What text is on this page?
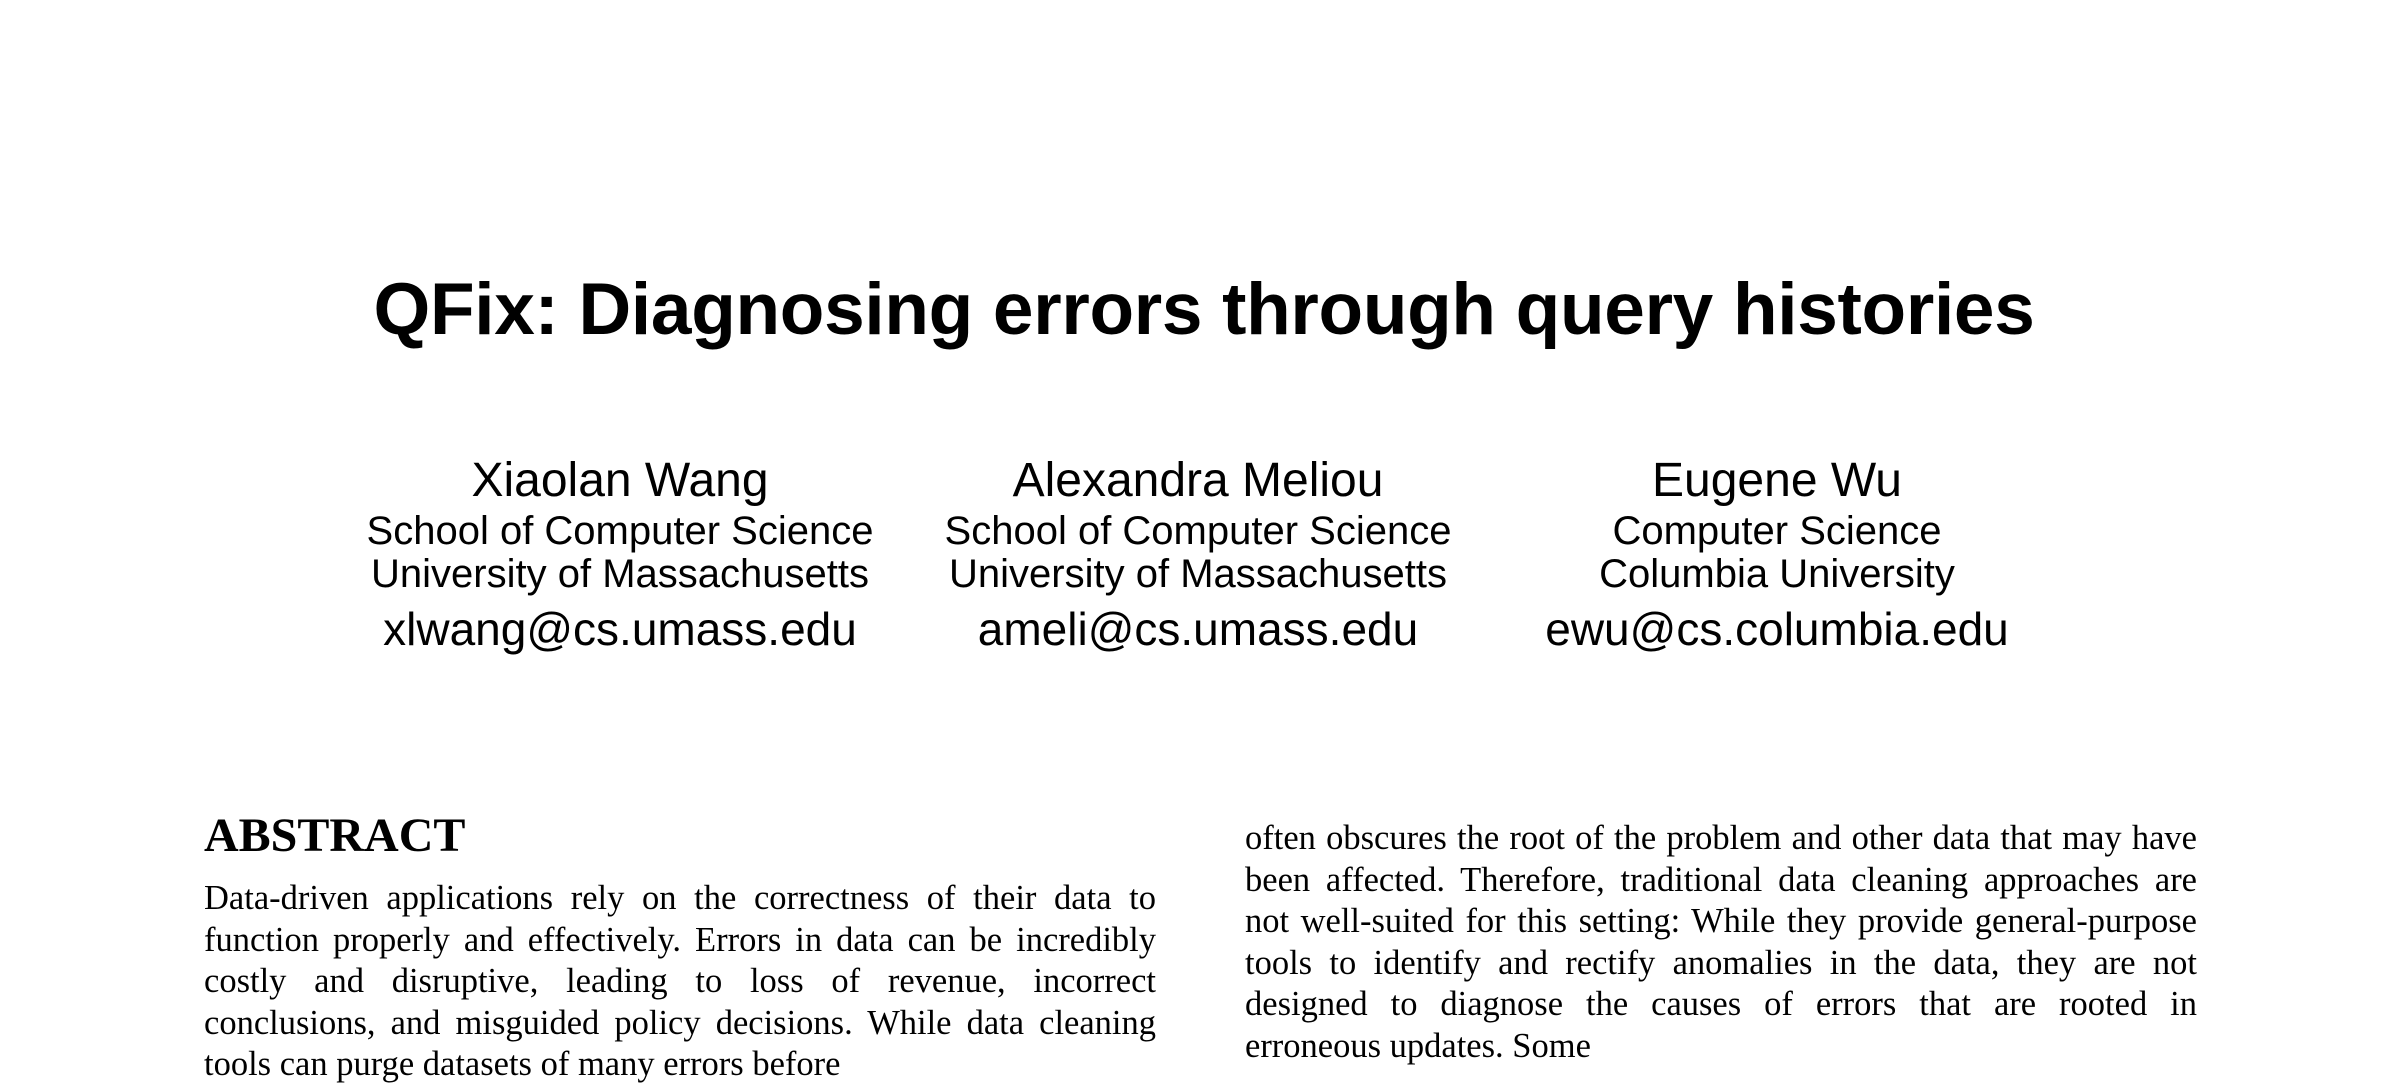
QFix: Diagnosing errors through query histories
Xiaolan Wang
School of Computer Science
University of Massachusetts
xlwang@cs.umass.edu
Alexandra Meliou
School of Computer Science
University of Massachusetts
ameli@cs.umass.edu
Eugene Wu
Computer Science
Columbia University
ewu@cs.columbia.edu
ABSTRACT

Data-driven applications rely on the correctness of their data to function properly and effectively. Errors in data can be incredibly costly and disruptive, leading to loss of revenue, incorrect conclusions, and misguided policy decisions. While data cleaning tools can purge datasets of many errors before

often obscures the root of the problem and other data that may have been affected. Therefore, traditional data cleaning approaches are not well-suited for this setting: While they provide general-purpose tools to identify and rectify anomalies in the data, they are not designed to diagnose the causes of errors that are rooted in erroneous updates. Some
